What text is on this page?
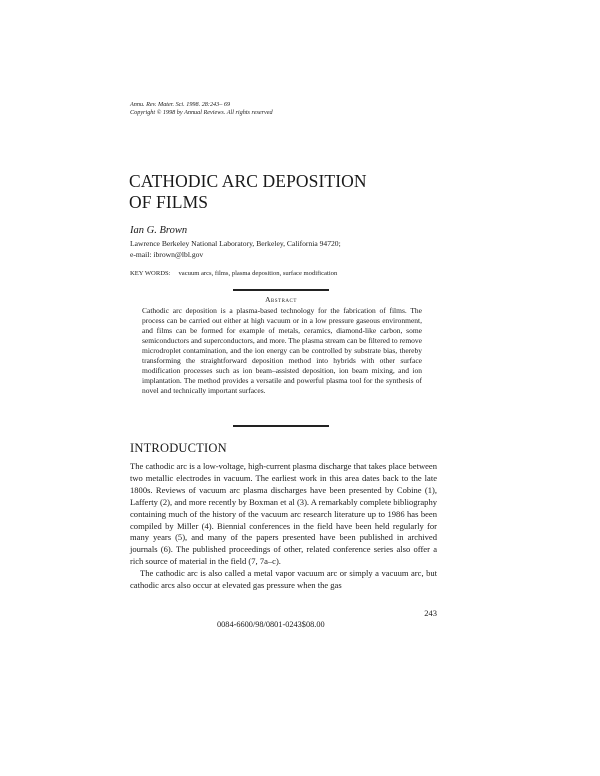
Annu. Rev. Mater. Sci. 1998. 28:243– 69
Copyright © 1998 by Annual Reviews. All rights reserved
CATHODIC ARC DEPOSITION
OF FILMS
Ian G. Brown
Lawrence Berkeley National Laboratory, Berkeley, California 94720;
e-mail: ibrown@lbl.gov
KEY WORDS: vacuum arcs, films, plasma deposition, surface modification
Abstract
Cathodic arc deposition is a plasma-based technology for the fabrication of films. The process can be carried out either at high vacuum or in a low pressure gaseous environment, and films can be formed for example of metals, ceramics, diamond-like carbon, some semiconductors and superconductors, and more. The plasma stream can be filtered to remove microdroplet contamination, and the ion energy can be controlled by substrate bias, thereby transforming the straightforward deposition method into hybrids with other surface modification processes such as ion beam–assisted deposition, ion beam mixing, and ion implantation. The method provides a versatile and powerful plasma tool for the synthesis of novel and technically important surfaces.
INTRODUCTION

The cathodic arc is a low-voltage, high-current plasma discharge that takes place between two metallic electrodes in vacuum. The earliest work in this area dates back to the late 1800s. Reviews of vacuum arc plasma discharges have been presented by Cobine (1), Lafferty (2), and more recently by Boxman et al (3). A remarkably complete bibliography containing much of the history of the vacuum arc research literature up to 1986 has been compiled by Miller (4). Biennial conferences in the field have been held regularly for many years (5), and many of the papers presented have been published in archived journals (6). The published proceedings of other, related conference series also offer a rich source of material in the field (7, 7a–c).

The cathodic arc is also called a metal vapor vacuum arc or simply a vacuum arc, but cathodic arcs also occur at elevated gas pressure when the gas

243
0084-6600/98/0801-0243$08.00
